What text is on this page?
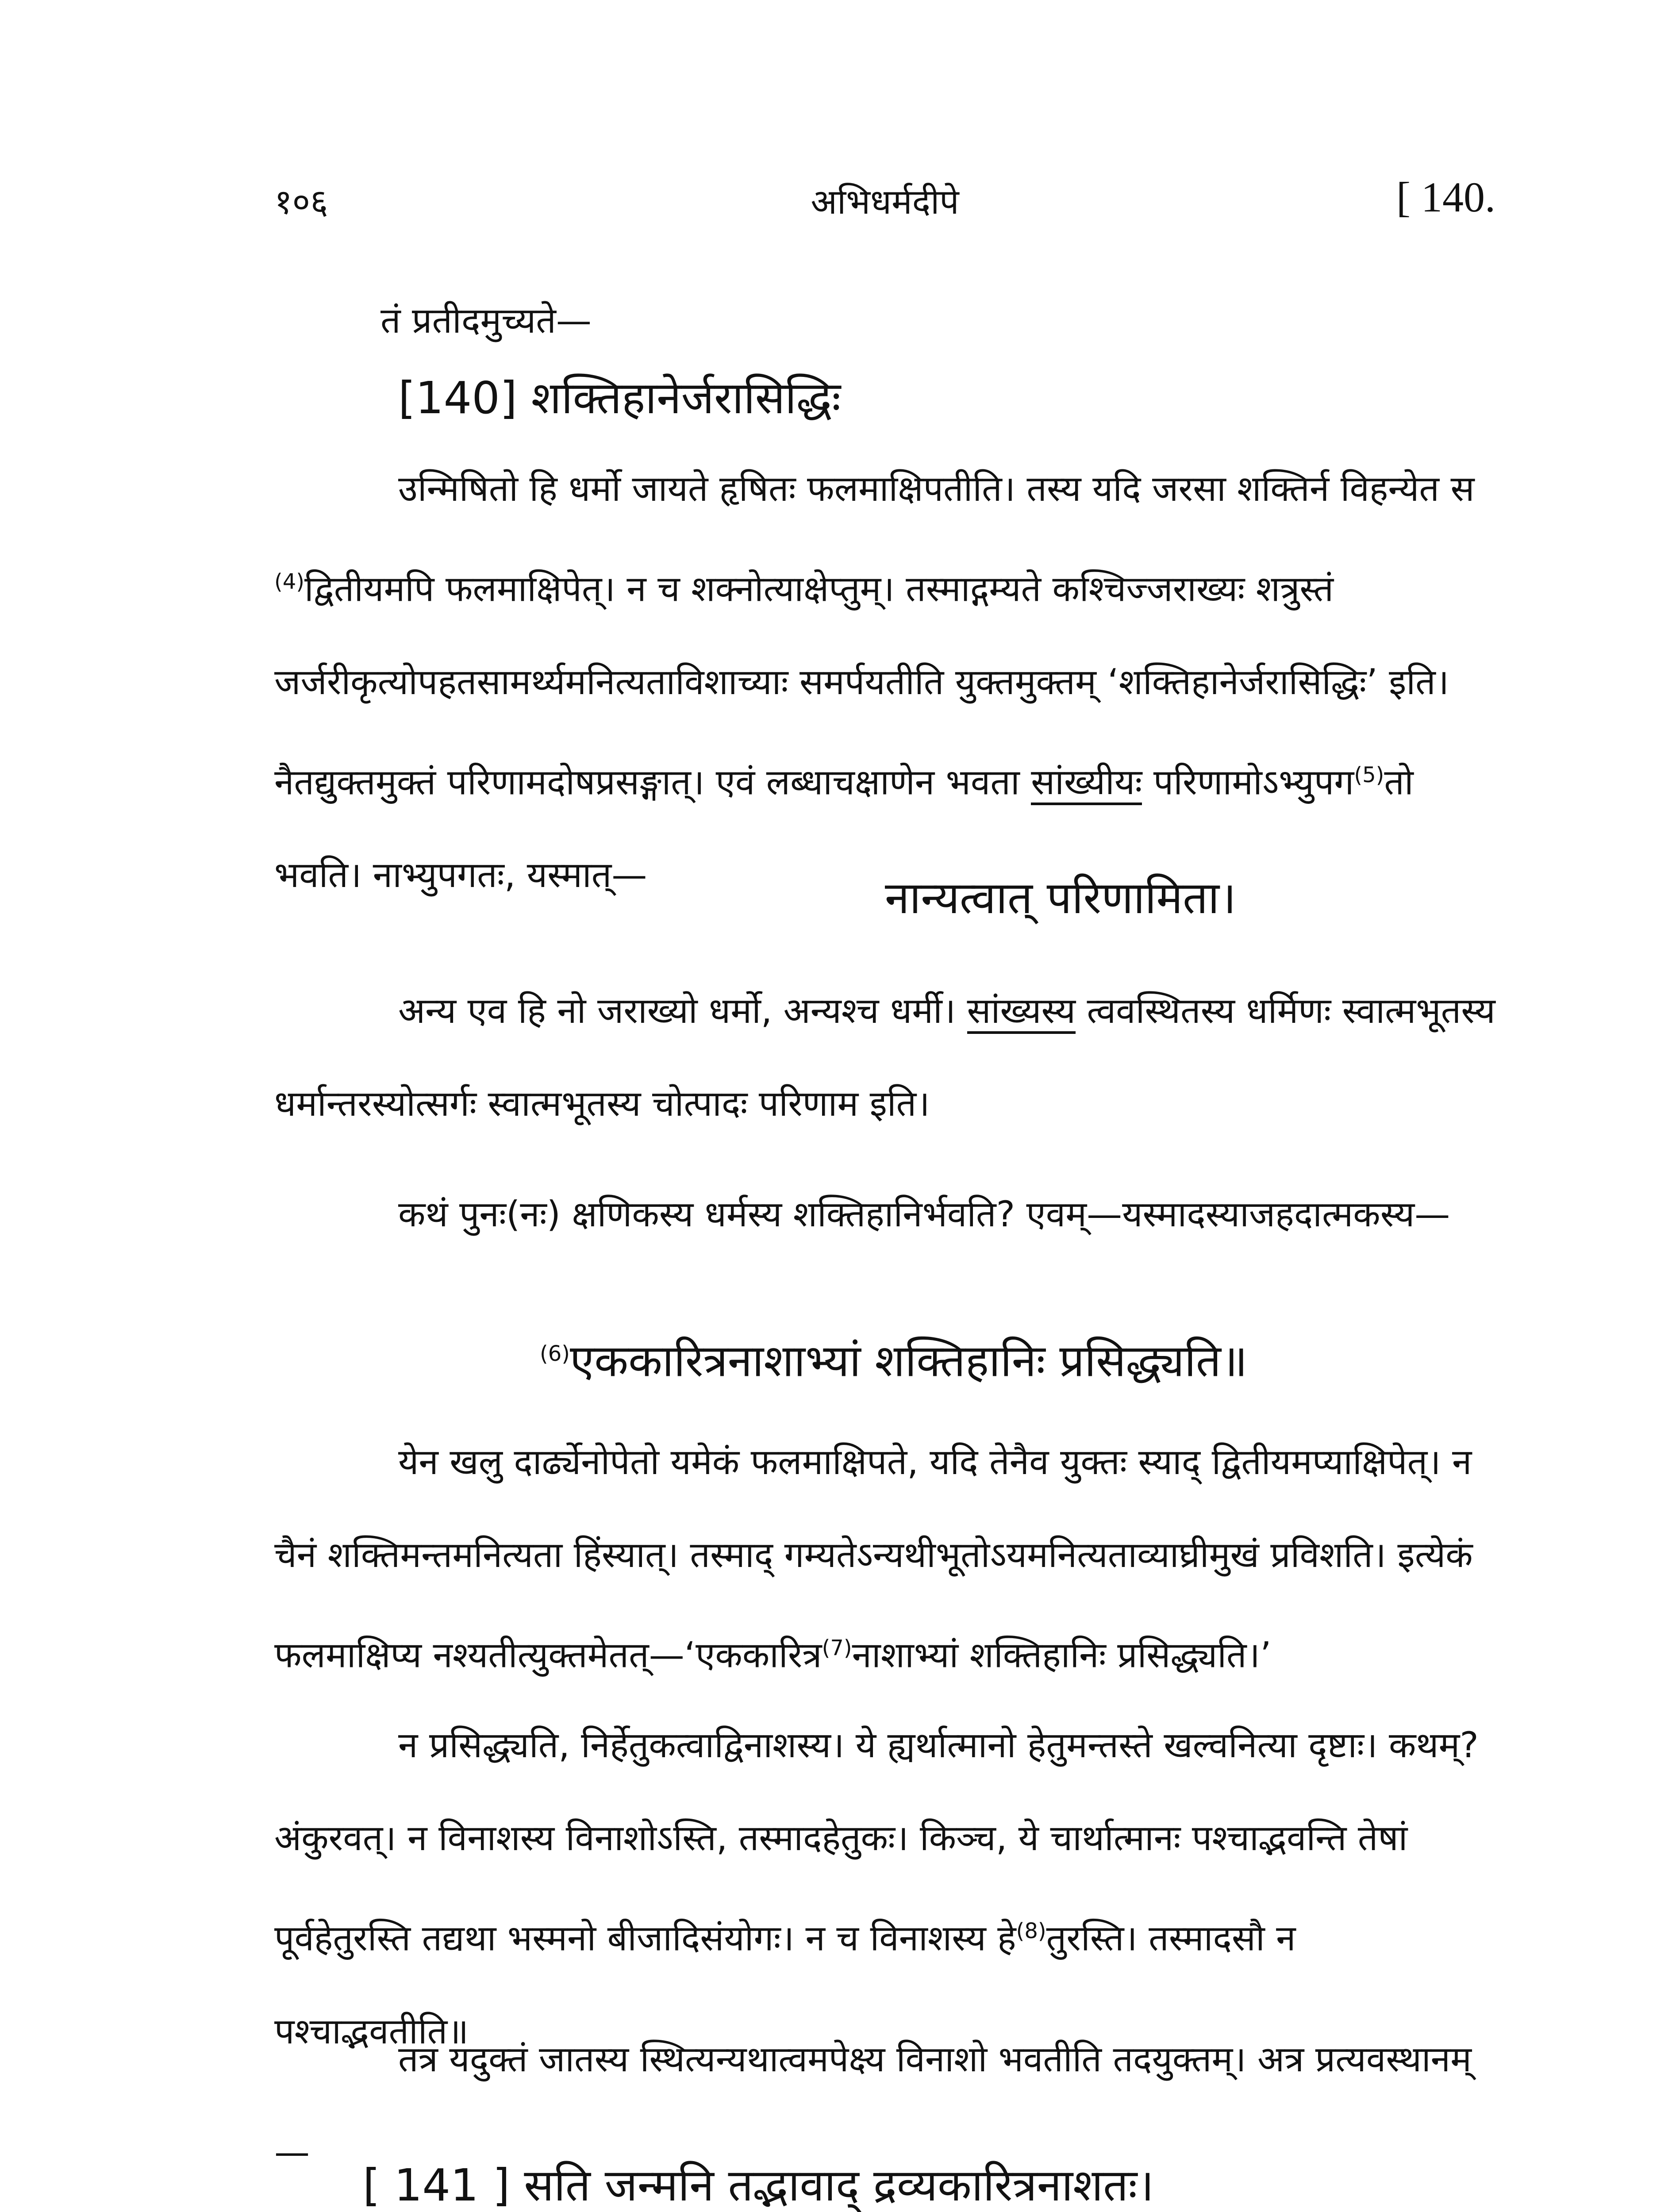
१०६	अभिधर्मदीपे	[ 140.
तं प्रतीदमुच्यते—
[140] शक्तिहानेर्जरासिद्धिः

उन्मिषितो हि धर्मो जायते हृषितः फलमाक्षिपतीति। तस्य यदि जरसा शक्तिर्न विहन्येत स $^{(4)}$द्वितीयमपि फलमाक्षिपेत्। न च शक्नोत्याक्षेप्तुम्। तस्माद्गम्यते कश्चिज्जराख्यः शत्रुस्तं जर्जरीकृत्योपहतसामर्थ्यमनित्यताविशाच्याः समर्पयतीति युक्तमुक्तम् ‘शक्तिहानेर्जरासिद्धिः’ इति। नैतद्युक्तमुक्तं परिणामदोषप्रसङ्गात्। एवं लब्धाचक्षाणेन भवता सांख्यीयः परिणामोऽभ्युपग$^{(5)}$तो भवति। नाभ्युपगतः, यस्मात्—	नान्यत्वात् परिणामिता।

अन्य एव हि नो जराख्यो धर्मो, अन्यश्च धर्मी। सांख्यस्य त्ववस्थितस्य धर्मिणः स्वात्मभूतस्य धर्मान्तरस्योत्सर्गः स्वात्मभूतस्य चोत्पादः परिणाम इति।

कथं पुनः(नः) क्षणिकस्य धर्मस्य शक्तिहानिर्भवति? एवम्—यस्मादस्याजहदात्मकस्य—

$^{(6)}$एककारित्रनाशाभ्यां शक्तिहानिः प्रसिद्ध्यति॥

येन खलु दार्ढ्येनोपेतो यमेकं फलमाक्षिपते, यदि तेनैव युक्तः स्याद् द्वितीयमप्याक्षिपेत्। न चैनं शक्तिमन्तमनित्यता हिंस्यात्। तस्माद् गम्यतेऽन्यथीभूतोऽयमनित्यताव्याघ्रीमुखं प्रविशति। इत्येकं फलमाक्षिप्य नश्यतीत्युक्तमेतत्—‘एककारित्र$^{(7)}$नाशाभ्यां शक्तिहानिः प्रसिद्ध्यति।’

न प्रसिद्ध्यति, निर्हेतुकत्वाद्विनाशस्य। ये ह्यर्थात्मानो हेतुमन्तस्ते खल्वनित्या दृष्टाः। कथम्? अंकुरवत्। न विनाशस्य विनाशोऽस्ति, तस्मादहेतुकः। किञ्च, ये चार्थात्मानः पश्चाद्भवन्ति तेषां पूर्वहेतुरस्ति तद्यथा भस्मनो बीजादिसंयोगः। न च विनाशस्य हे$^{(8)}$तुरस्ति। तस्मादसौ न पश्चाद्भवतीति॥

तत्र यदुक्तं जातस्य स्थित्यन्यथात्वमपेक्ष्य विनाशो भवतीति तदयुक्तम्। अत्र प्रत्यवस्थानम्—

[ 141 ] सति जन्मनि तद्भावाद् द्रव्यकारित्रनाशतः।
